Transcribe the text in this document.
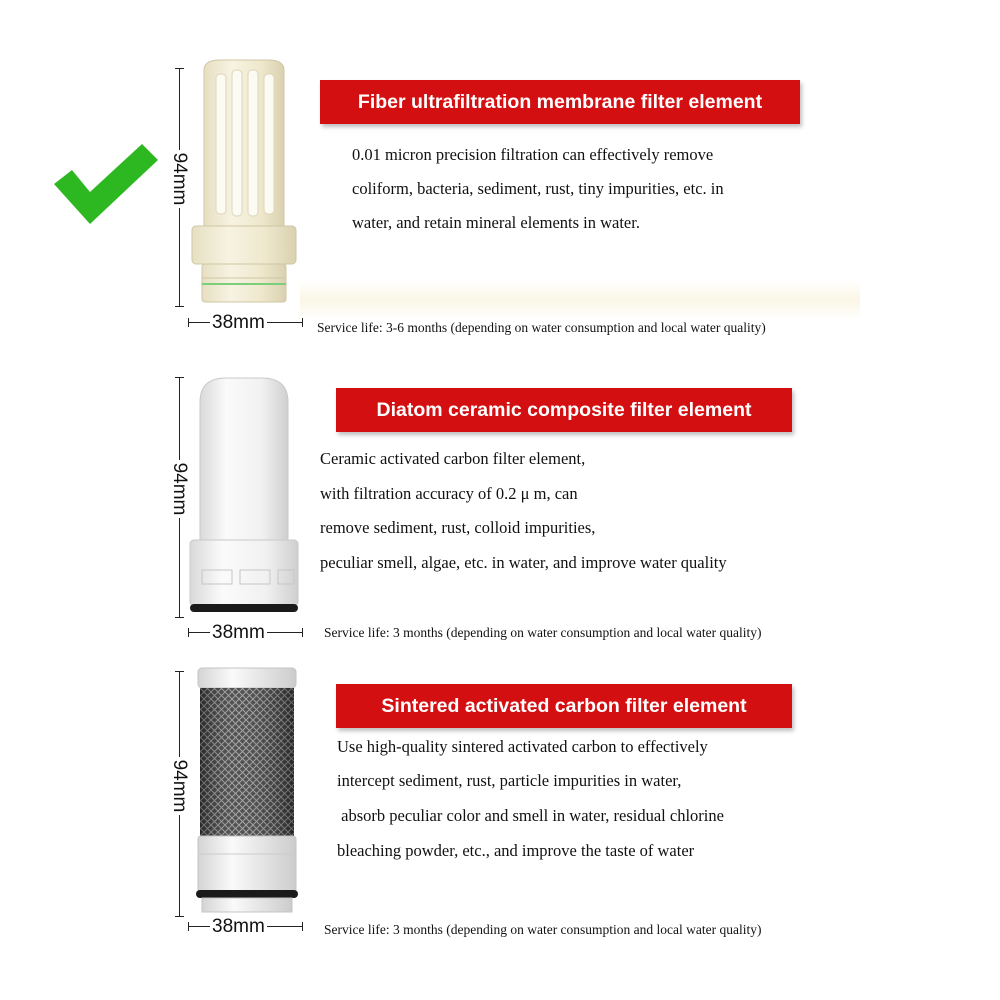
94mm
38mm
Fiber ultrafiltration membrane filter element
0.01 micron precision filtration can effectively remove
coliform, bacteria, sediment, rust, tiny impurities, etc. in
water, and retain mineral elements in water.
Service life: 3-6 months (depending on water consumption and local water quality)
94mm
38mm
Diatom ceramic composite filter element
Ceramic activated carbon filter element,
with filtration accuracy of 0.2 μ m, can
remove sediment, rust, colloid impurities,
peculiar smell, algae, etc. in water, and improve water quality
Service life: 3 months (depending on water consumption and local water quality)
94mm
38mm
Sintered activated carbon filter element
Use high-quality sintered activated carbon to effectively
intercept sediment, rust, particle impurities in water,
absorb peculiar color and smell in water, residual chlorine
bleaching powder, etc., and improve the taste of water
Service life: 3 months (depending on water consumption and local water quality)
